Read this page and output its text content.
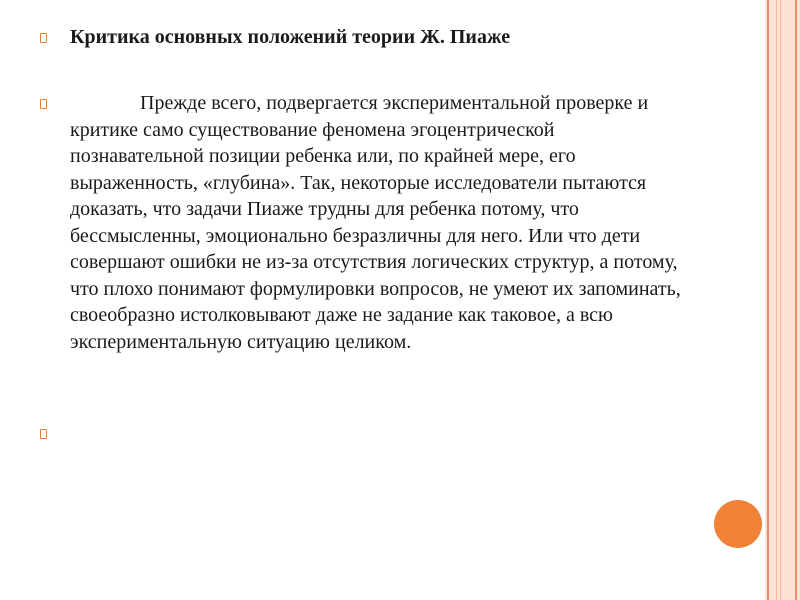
Критика основных положений теории Ж. Пиаже
Прежде всего, подвергается экспериментальной проверке и критике само существование феномена эгоцентрической познавательной позиции ребенка или, по крайней мере, его выраженность, «глубина». Так, некоторые исследователи пытаются доказать, что задачи Пиаже трудны для ребенка потому, что бессмысленны, эмоционально безразличны для него. Или что дети совершают ошибки не из-за отсутствия логических структур, а потому, что плохо понимают формулировки вопросов, не умеют их запоминать, своеобразно истолковывают даже не задание как таковое, а всю экспериментальную ситуацию целиком.
